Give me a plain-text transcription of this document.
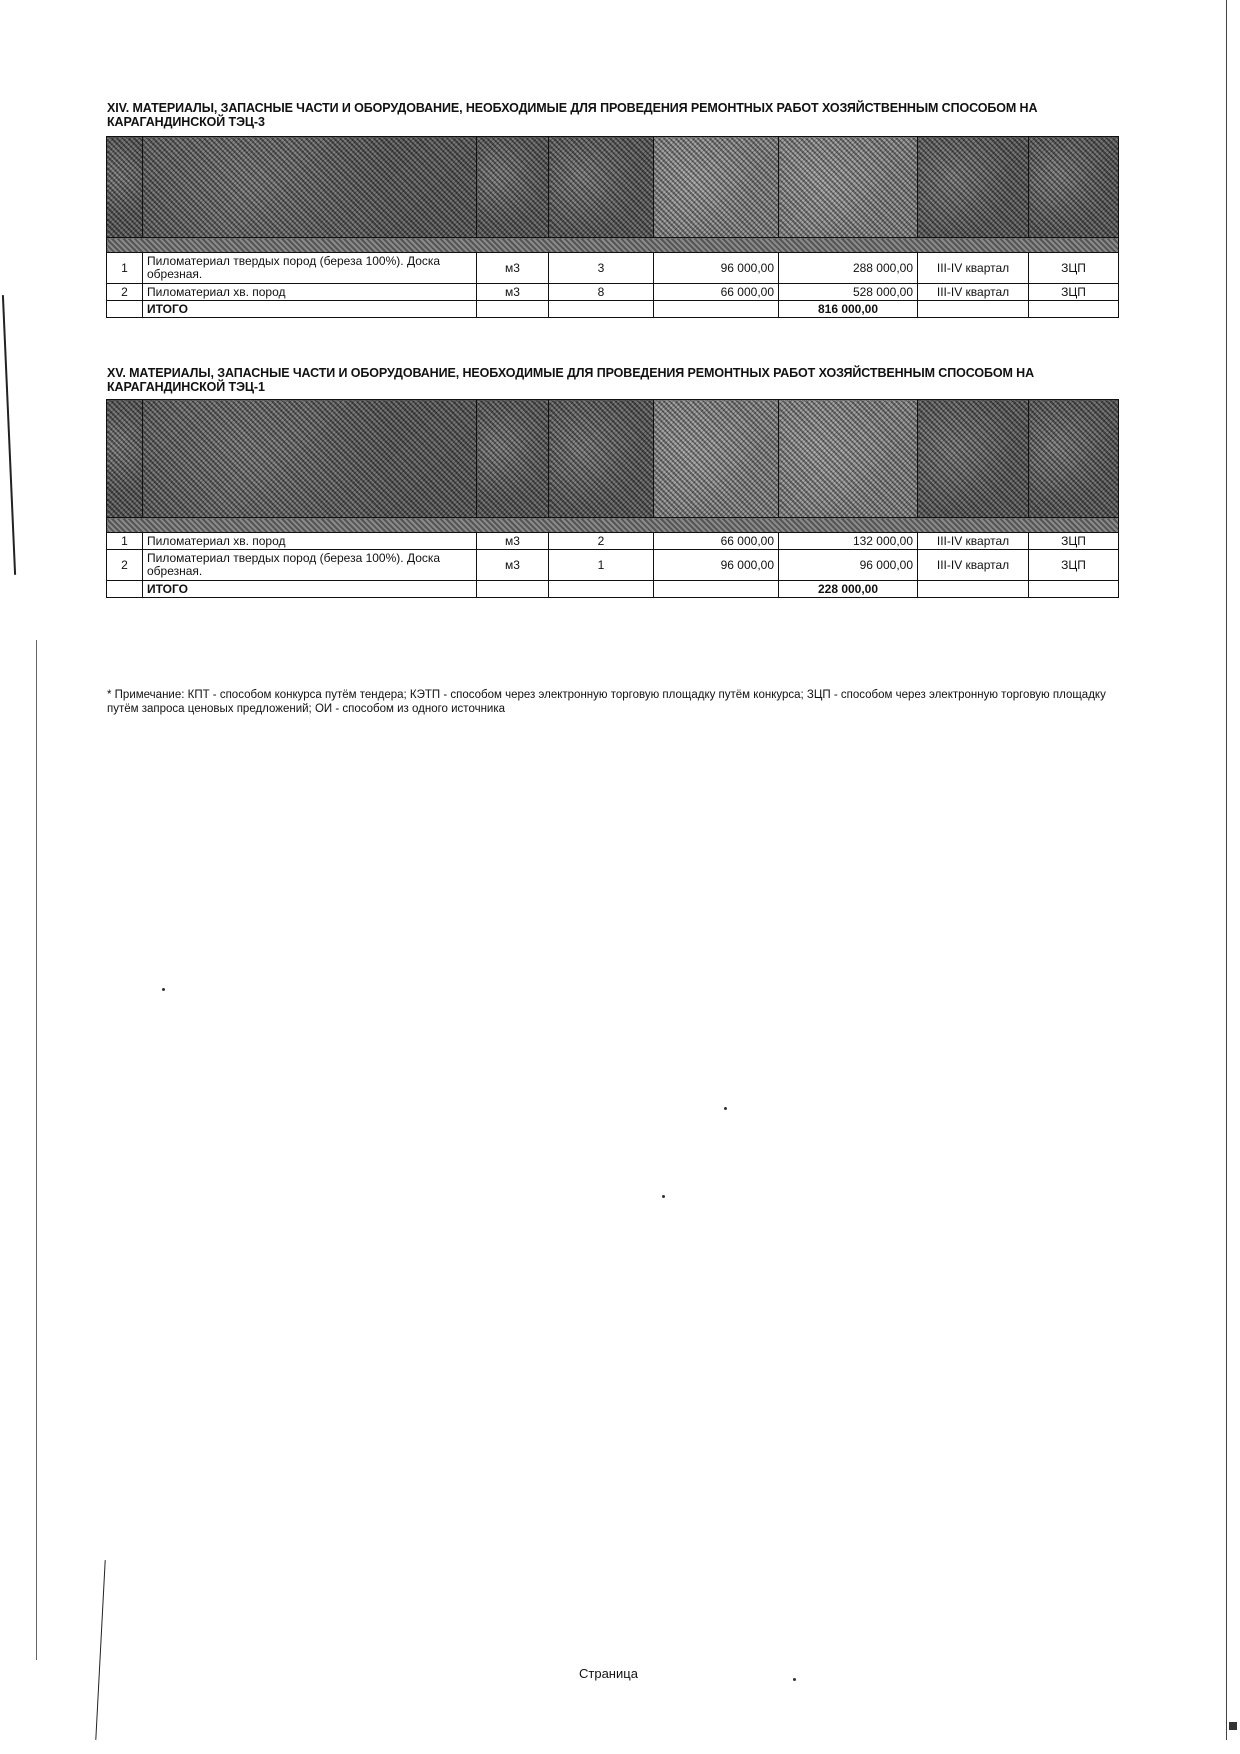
XIV. МАТЕРИАЛЫ, ЗАПАСНЫЕ ЧАСТИ И ОБОРУДОВАНИЕ, НЕОБХОДИМЫЕ ДЛЯ ПРОВЕДЕНИЯ РЕМОНТНЫХ РАБОТ ХОЗЯЙСТВЕННЫМ СПОСОБОМ НА КАРАГАНДИНСКОЙ ТЭЦ-3

1	Пиломатериал твердых пород (береза 100%). Доска обрезная.	м3	3	96 000,00	288 000,00	III-IV квартал	ЗЦП
2	Пиломатериал хв. пород	м3	8	66 000,00	528 000,00	III-IV квартал	ЗЦП
	ИТОГО				816 000,00		
XV. МАТЕРИАЛЫ, ЗАПАСНЫЕ ЧАСТИ И ОБОРУДОВАНИЕ, НЕОБХОДИМЫЕ ДЛЯ ПРОВЕДЕНИЯ РЕМОНТНЫХ РАБОТ ХОЗЯЙСТВЕННЫМ СПОСОБОМ НА КАРАГАНДИНСКОЙ ТЭЦ-1

1	Пиломатериал хв. пород	м3	2	66 000,00	132 000,00	III-IV квартал	ЗЦП
2	Пиломатериал твердых пород (береза 100%). Доска обрезная.	м3	1	96 000,00	96 000,00	III-IV квартал	ЗЦП
	ИТОГО				228 000,00		
* Примечание: КПТ - способом конкурса путём тендера; КЭТП - способом через электронную торговую площадку путём конкурса; ЗЦП - способом через электронную торговую площадку путём запроса ценовых предложений; ОИ - способом из одного источника
Страница
